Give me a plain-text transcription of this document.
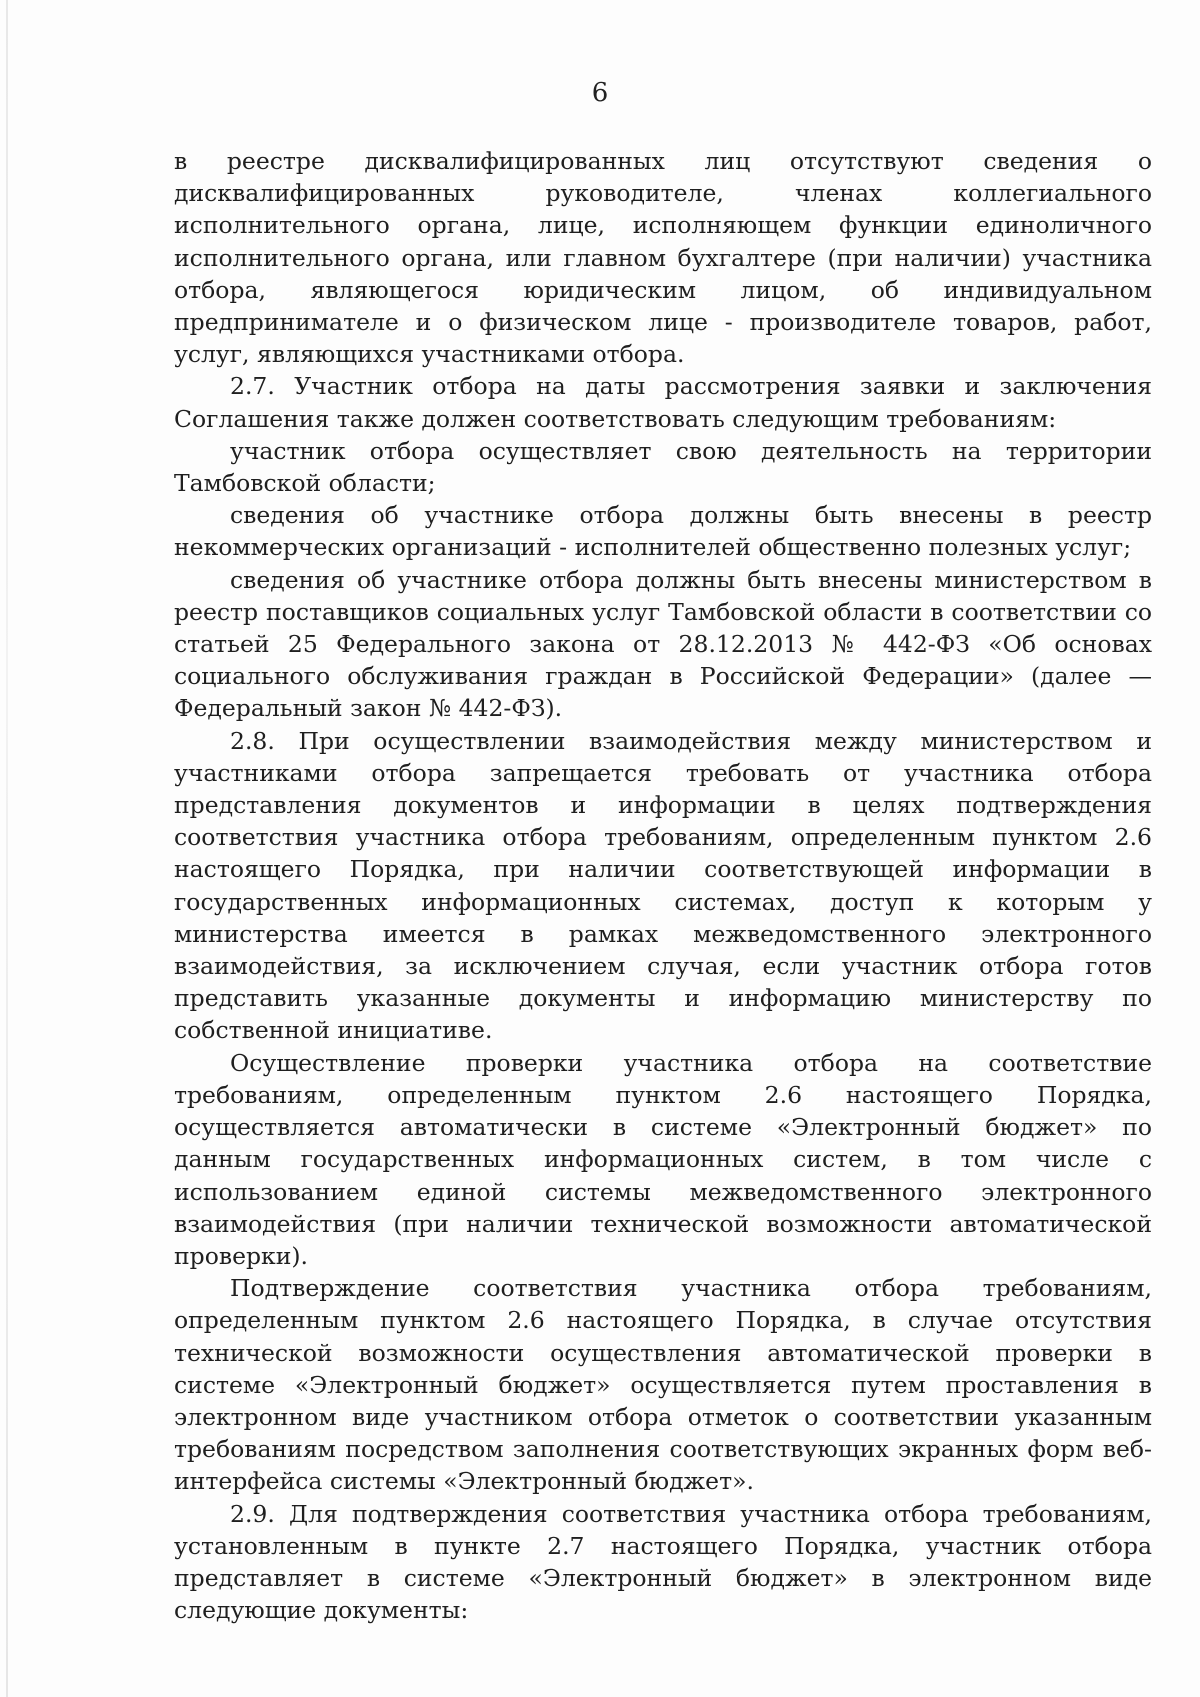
6

в реестре дисквалифицированных лиц отсутствуют сведения о дисквалифицированных руководителе, членах коллегиального исполнительного органа, лице, исполняющем функции единоличного исполнительного органа, или главном бухгалтере (при наличии) участника отбора, являющегося юридическим лицом, об индивидуальном предпринимателе и о физическом лице - производителе товаров, работ, услуг, являющихся участниками отбора.

2.7. Участник отбора на даты рассмотрения заявки и заключения Соглашения также должен соответствовать следующим требованиям:

участник отбора осуществляет свою деятельность на территории Тамбовской области;

сведения об участнике отбора должны быть внесены в реестр некоммерческих организаций - исполнителей общественно полезных услуг;

сведения об участнике отбора должны быть внесены министерством в реестр поставщиков социальных услуг Тамбовской области в соответствии со статьей 25 Федерального закона от 28.12.2013 № 442-ФЗ «Об основах социального обслуживания граждан в Российской Федерации» (далее — Федеральный закон № 442-ФЗ).

2.8. При осуществлении взаимодействия между министерством и участниками отбора запрещается требовать от участника отбора представления документов и информации в целях подтверждения соответствия участника отбора требованиям, определенным пунктом 2.6 настоящего Порядка, при наличии соответствующей информации в государственных информационных системах, доступ к которым у министерства имеется в рамках межведомственного электронного взаимодействия, за исключением случая, если участник отбора готов представить указанные документы и информацию министерству по собственной инициативе.

Осуществление проверки участника отбора на соответствие требованиям, определенным пунктом 2.6 настоящего Порядка, осуществляется автоматически в системе «Электронный бюджет» по данным государственных информационных систем, в том числе с использованием единой системы межведомственного электронного взаимодействия (при наличии технической возможности автоматической проверки).

Подтверждение соответствия участника отбора требованиям, определенным пунктом 2.6 настоящего Порядка, в случае отсутствия технической возможности осуществления автоматической проверки в системе «Электронный бюджет» осуществляется путем проставления в электронном виде участником отбора отметок о соответствии указанным требованиям посредством заполнения соответствующих экранных форм веб-интерфейса системы «Электронный бюджет».

2.9. Для подтверждения соответствия участника отбора требованиям, установленным в пункте 2.7 настоящего Порядка, участник отбора представляет в системе «Электронный бюджет» в электронном виде следующие документы:
